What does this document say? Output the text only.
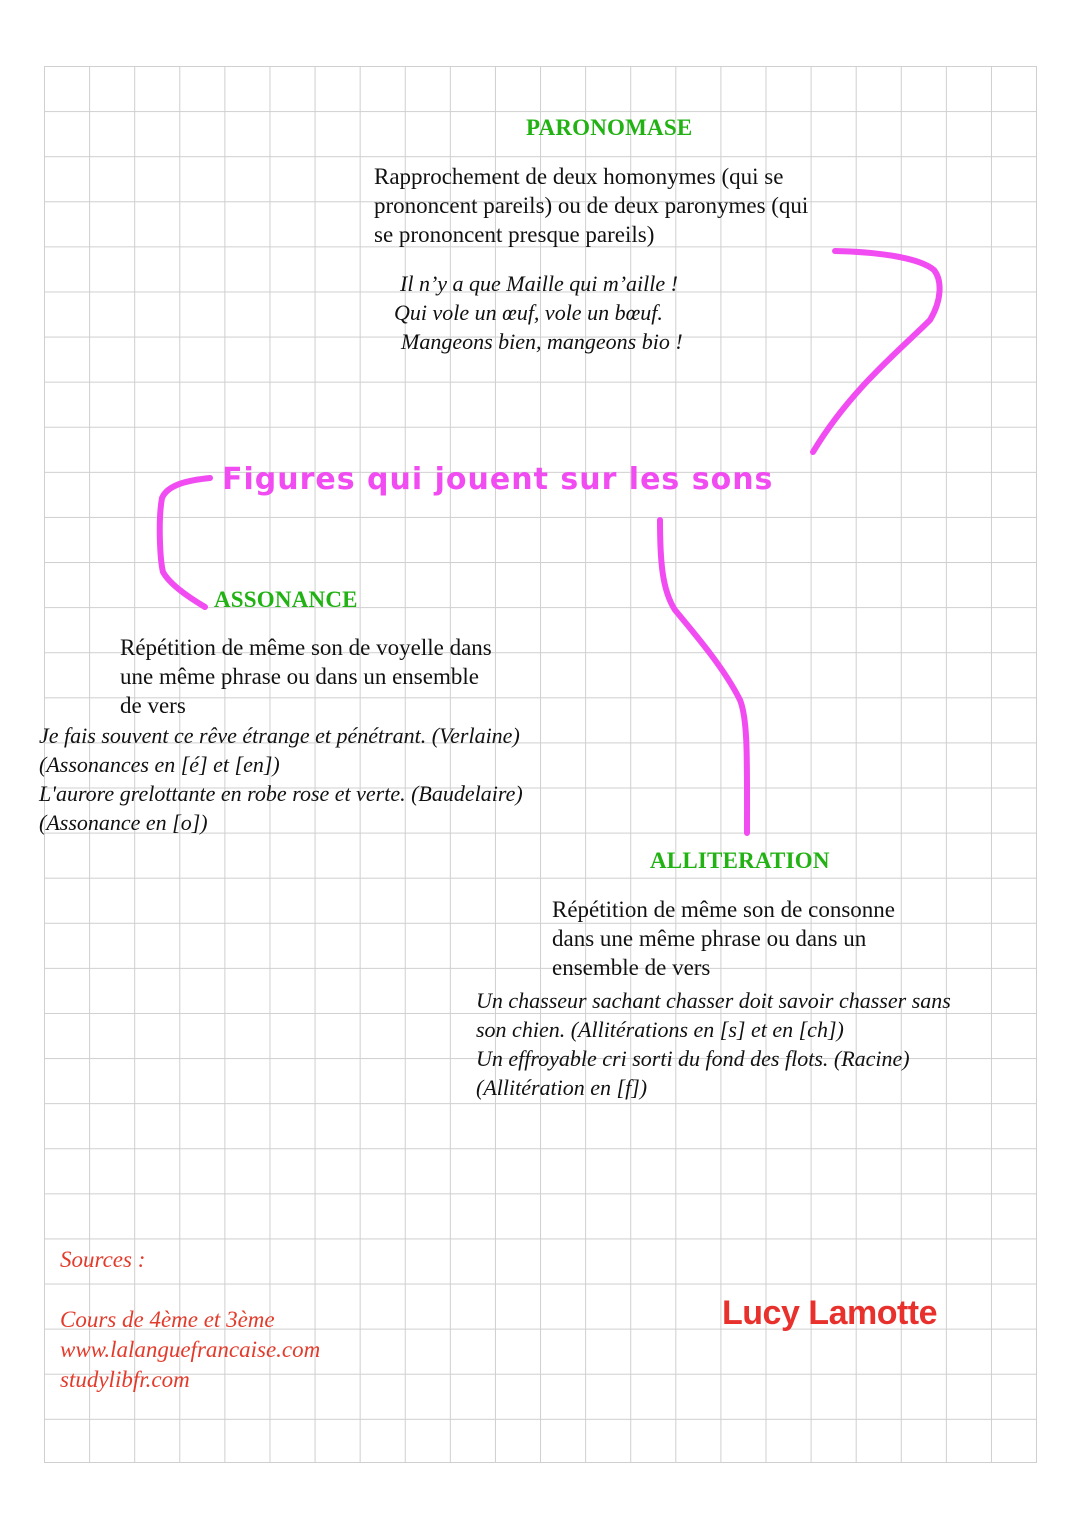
PARONOMASE
Rapprochement de deux homonymes (qui se
prononcent pareils) ou de deux paronymes (qui
se prononcent presque pareils)
Il n’y a que Maille qui m’aille !
Qui vole un œuf, vole un bœuf.
Mangeons bien, mangeons bio !
Figures qui jouent sur les sons
ASSONANCE
Répétition de même son de voyelle dans
une même phrase ou dans un ensemble
de vers
Je fais souvent ce rêve étrange et pénétrant. (Verlaine)
(Assonances en [é] et [en])
L'aurore grelottante en robe rose et verte. (Baudelaire)
(Assonance en [o])
ALLITERATION
Répétition de même son de consonne
dans une même phrase ou dans un
ensemble de vers
Un chasseur sachant chasser doit savoir chasser sans
son chien. (Allitérations en [s] et en [ch])
Un effroyable cri sorti du fond des flots. (Racine)
(Allitération en [f])
Sources :
Cours de 4ème et 3ème
www.lalanguefrancaise.com
studylibfr.com
Lucy Lamotte
